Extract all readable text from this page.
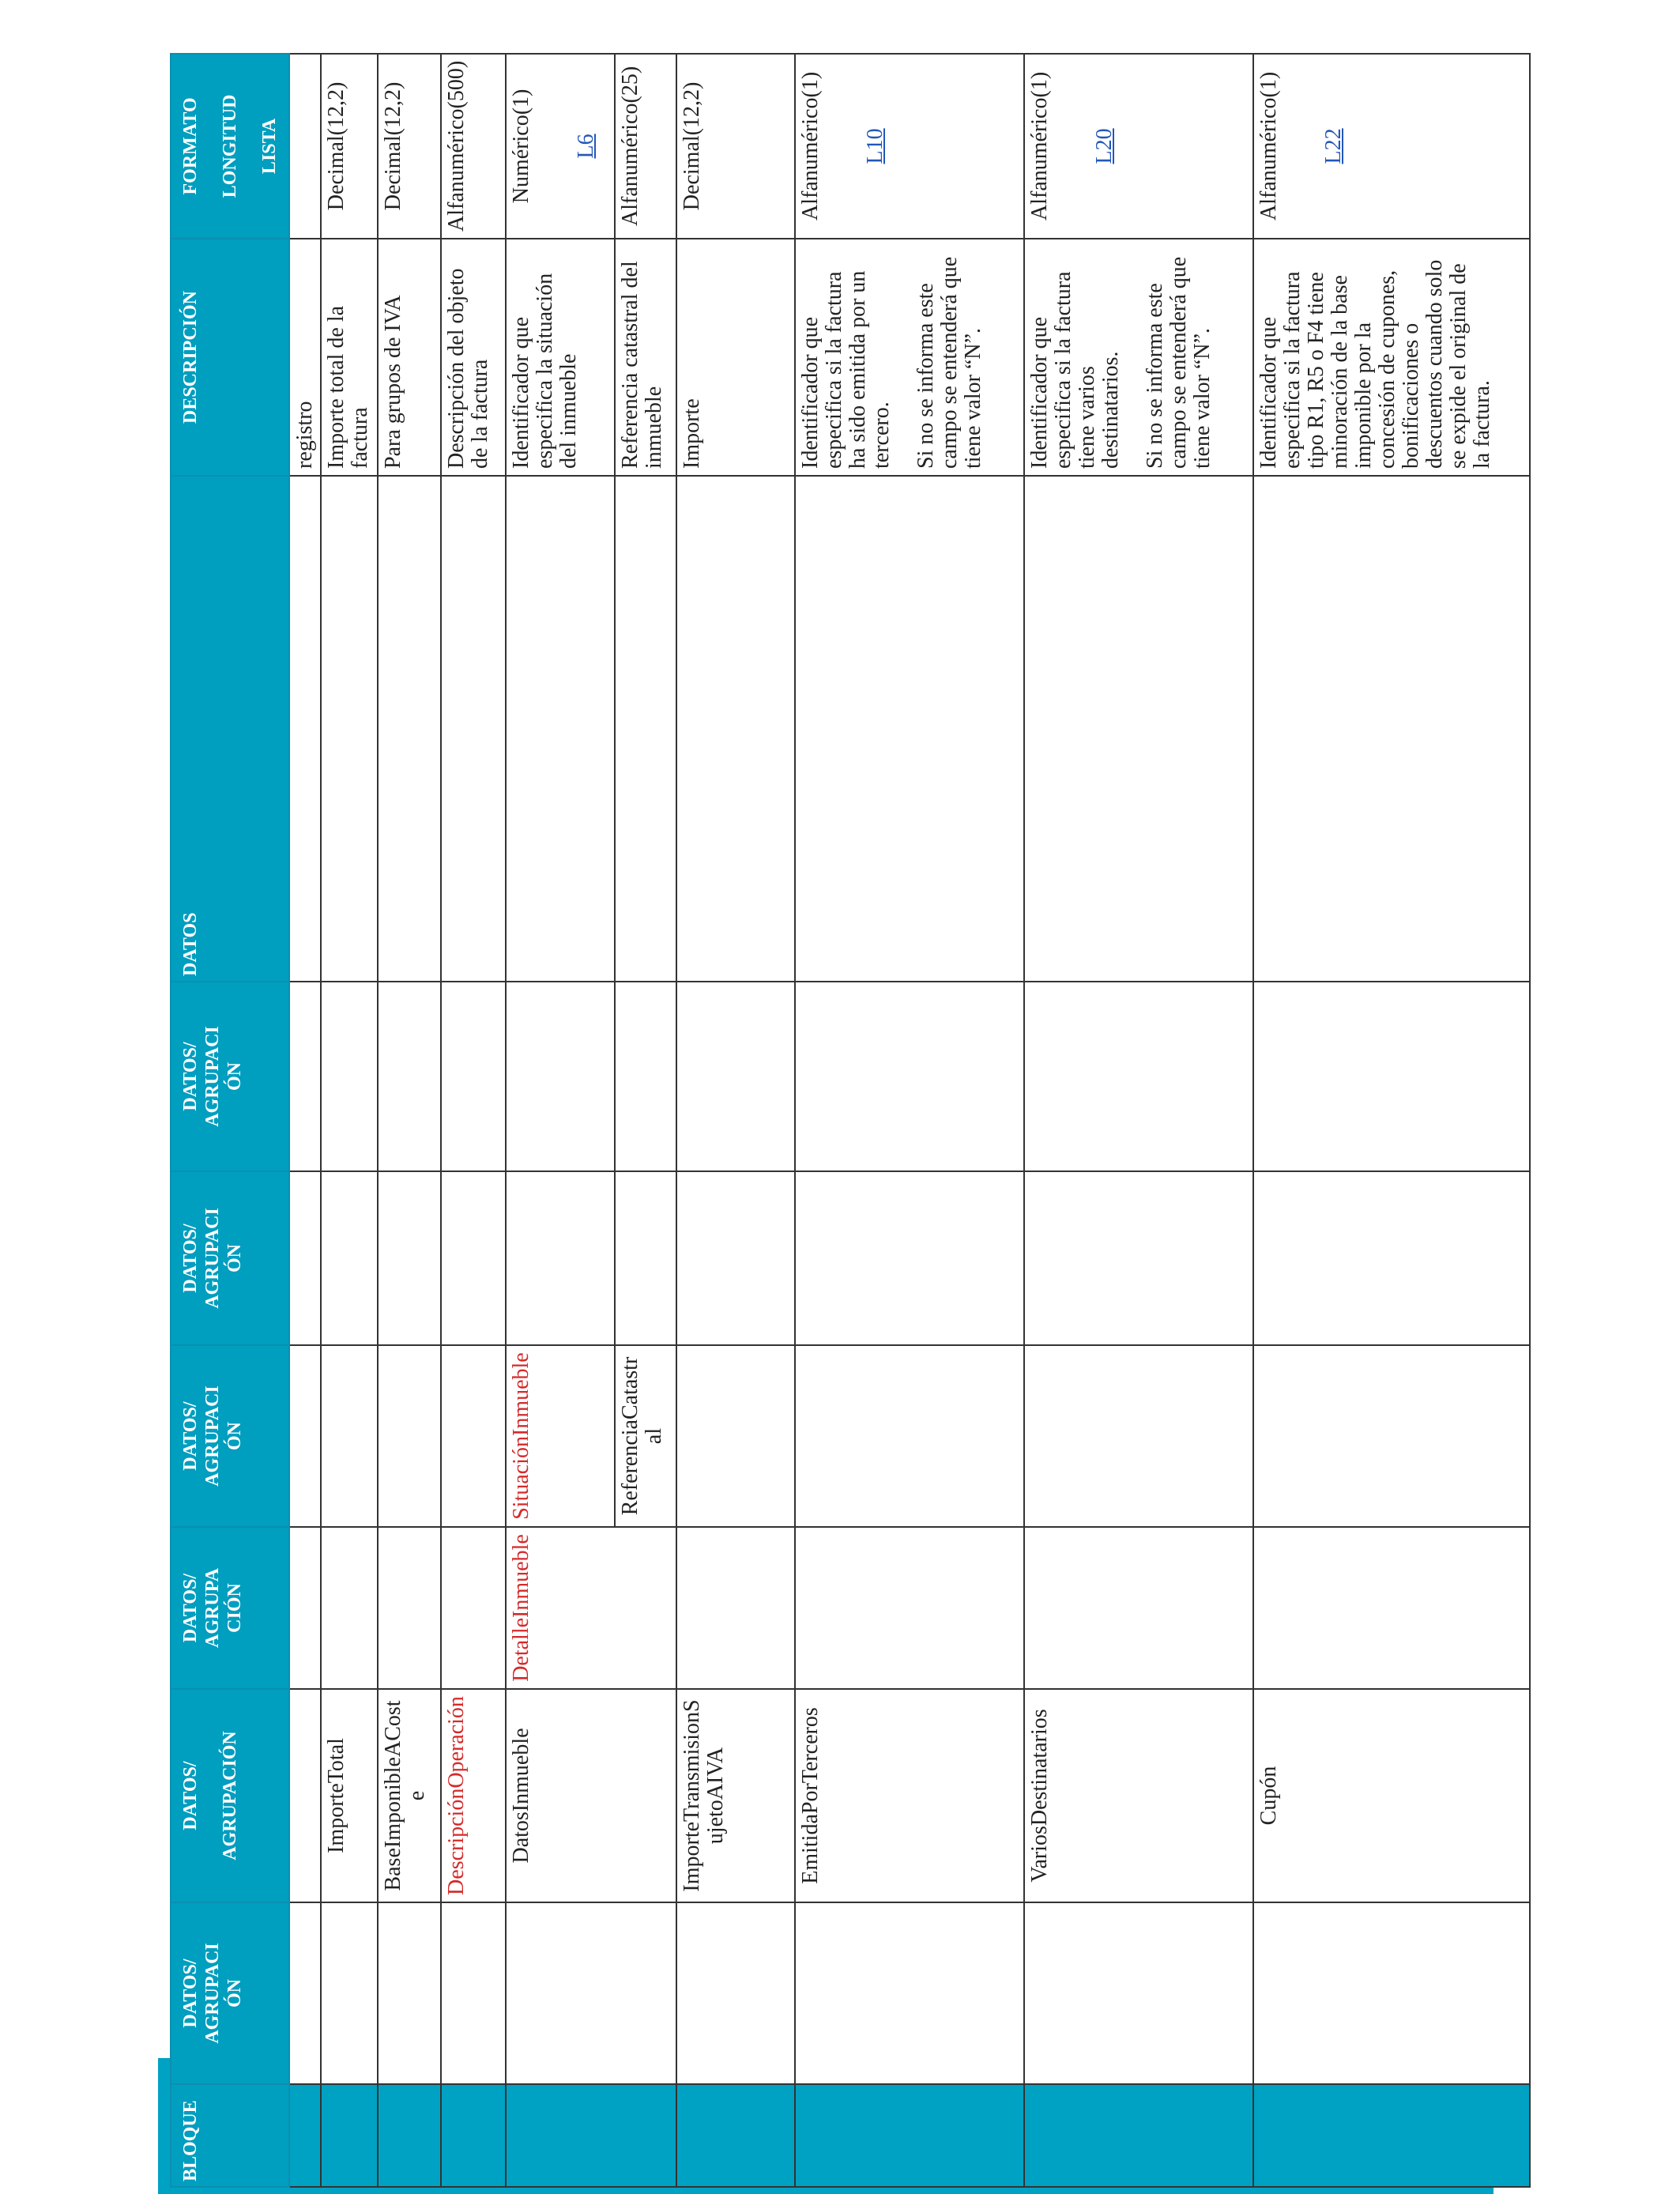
BLOQUE	DATOS/ AGRUPACI ÓN	DATOS/ AGRUPACIÓN	DATOS/ AGRUPA CIÓN	DATOS/ AGRUPACI ÓN	DATOS/ AGRUPACI ÓN	DATOS/ AGRUPACI ÓN	DATOS	DESCRIPCIÓN	FORMATO LONGITUD LISTA

								registro	
		ImporteTotal						Importe total de la factura	Decimal(12,2)
		BaseImponibleACoste						Para grupos de IVA	Decimal(12,2)
		DescripciónOperación						Descripción del objeto de la factura	Alfanumérico(500)
		DatosInmueble	DetalleInmueble	SituaciónInmueble				Identificador que especifica la situación del inmueble	Numérico(1) L6

				ReferenciaCatastral				Referencia catastral del inmueble	Alfanumérico(25)
		ImporteTransmisionSujetoAIVA						Importe	Decimal(12,2)
		EmitidaPorTerceros						Identificador que especifica si la factura ha sido emitida por un tercero. Si no se informa este campo se entenderá que tiene valor “N”.	Alfanumérico(1) L10

		VariosDestinatarios						Identificador que especifica si la factura tiene varios destinatarios. Si no se informa este campo se entenderá que tiene valor “N”.	Alfanumérico(1) L20

		Cupón						Identificador que especifica si la factura tipo R1, R5 o F4 tiene minoración de la base imponible por la concesión de cupones, bonificaciones o descuentos cuando solo se expide el original de la factura.	Alfanumérico(1) L22
